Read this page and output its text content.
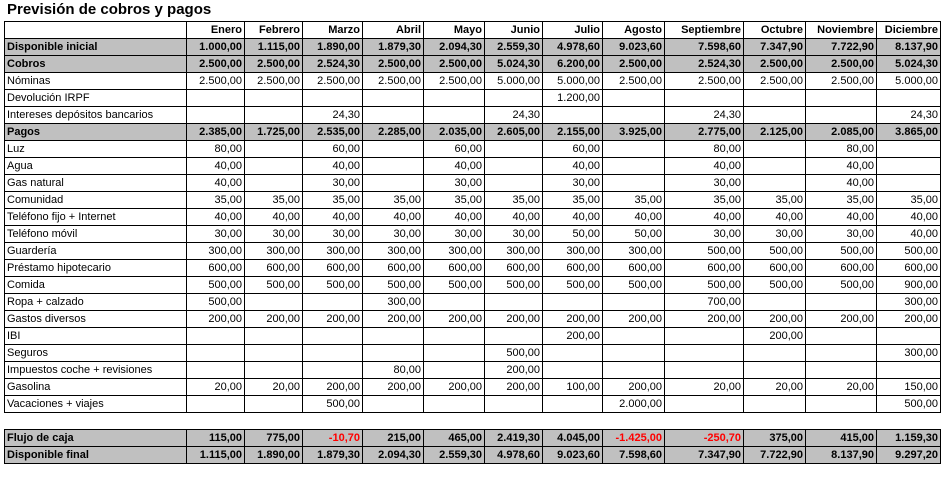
Previsión de cobros y pagos
	Enero	Febrero	Marzo	Abril	Mayo	Junio	Julio	Agosto	Septiembre	Octubre	Noviembre	Diciembre
Disponible inicial	1.000,00	1.115,00	1.890,00	1.879,30	2.094,30	2.559,30	4.978,60	9.023,60	7.598,60	7.347,90	7.722,90	8.137,90
Cobros	2.500,00	2.500,00	2.524,30	2.500,00	2.500,00	5.024,30	6.200,00	2.500,00	2.524,30	2.500,00	2.500,00	5.024,30
Nóminas	2.500,00	2.500,00	2.500,00	2.500,00	2.500,00	5.000,00	5.000,00	2.500,00	2.500,00	2.500,00	2.500,00	5.000,00
Devolución IRPF							1.200,00					
Intereses depósitos bancarios			24,30			24,30			24,30			24,30
Pagos	2.385,00	1.725,00	2.535,00	2.285,00	2.035,00	2.605,00	2.155,00	3.925,00	2.775,00	2.125,00	2.085,00	3.865,00
Luz	80,00		60,00		60,00		60,00		80,00		80,00	
Agua	40,00		40,00		40,00		40,00		40,00		40,00	
Gas natural	40,00		30,00		30,00		30,00		30,00		40,00	
Comunidad	35,00	35,00	35,00	35,00	35,00	35,00	35,00	35,00	35,00	35,00	35,00	35,00
Teléfono fijo + Internet	40,00	40,00	40,00	40,00	40,00	40,00	40,00	40,00	40,00	40,00	40,00	40,00
Teléfono móvil	30,00	30,00	30,00	30,00	30,00	30,00	50,00	50,00	30,00	30,00	30,00	40,00
Guardería	300,00	300,00	300,00	300,00	300,00	300,00	300,00	300,00	500,00	500,00	500,00	500,00
Préstamo hipotecario	600,00	600,00	600,00	600,00	600,00	600,00	600,00	600,00	600,00	600,00	600,00	600,00
Comida	500,00	500,00	500,00	500,00	500,00	500,00	500,00	500,00	500,00	500,00	500,00	900,00
Ropa + calzado	500,00			300,00					700,00			300,00
Gastos diversos	200,00	200,00	200,00	200,00	200,00	200,00	200,00	200,00	200,00	200,00	200,00	200,00
IBI							200,00			200,00		
Seguros						500,00						300,00
Impuestos coche + revisiones				80,00		200,00						
Gasolina	20,00	20,00	200,00	200,00	200,00	200,00	100,00	200,00	20,00	20,00	20,00	150,00
Vacaciones + viajes			500,00					2.000,00				500,00

Flujo de caja	115,00	775,00	-10,70	215,00	465,00	2.419,30	4.045,00	-1.425,00	-250,70	375,00	415,00	1.159,30
Disponible final	1.115,00	1.890,00	1.879,30	2.094,30	2.559,30	4.978,60	9.023,60	7.598,60	7.347,90	7.722,90	8.137,90	9.297,20
